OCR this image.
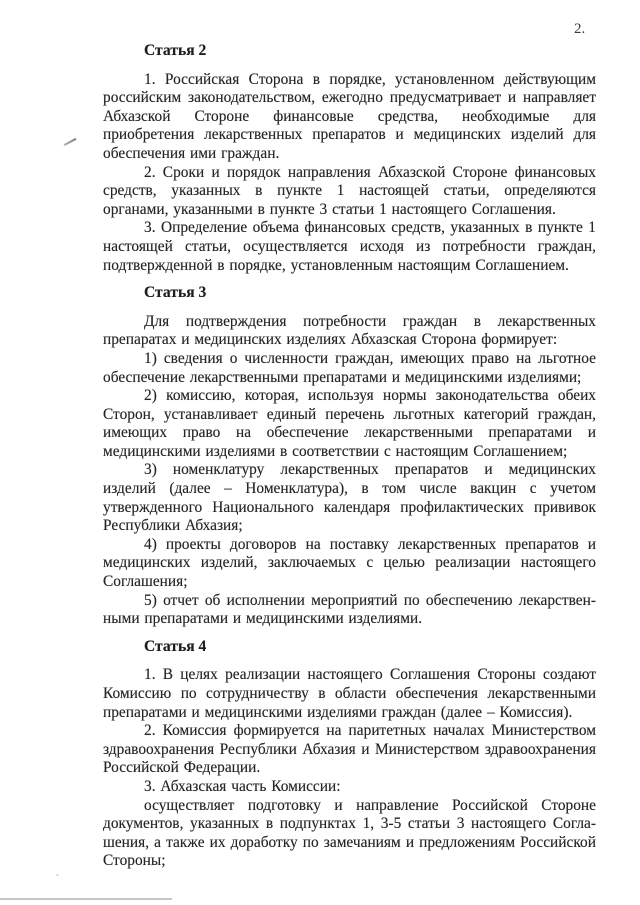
2.
Статья 2

1. Российская Сторона в порядке, установленном действующим российским законодательством, ежегодно предусматривает и направляет Абхазской Стороне финансовые средства, необходимые для приобретения лекарственных препаратов и медицинских изделий для обеспечения ими граждан.

2. Сроки и порядок направления Абхазской Стороне финансовых средств, указанных в пункте 1 настоящей статьи, определяются органами, указанными в пункте 3 статьи 1 настоящего Соглашения.

3. Определение объема финансовых средств, указанных в пункте 1 настоящей статьи, осуществляется исходя из потребности граждан, подтвержденной в порядке, установленным настоящим Соглашением.

Статья 3

Для подтверждения потребности граждан в лекарственных препаратах и медицинских изделиях Абхазская Сторона формирует:

1) сведения о численности граждан, имеющих право на льготное обеспечение лекарственными препаратами и медицинскими изделиями;

2) комиссию, которая, используя нормы законодательства обеих Сторон, устанавливает единый перечень льготных категорий граждан, имеющих право на обеспечение лекарственными препаратами и медицинскими изделиями в соответствии с настоящим Соглашением;

3) номенклатуру лекарственных препаратов и медицинских изделий (далее – Номенклатура), в том числе вакцин с учетом утвержденного Национального календаря профилактических прививок Республики Абхазия;

4) проекты договоров на поставку лекарственных препаратов и медицинских изделий, заключаемых с целью реализации настоящего Соглашения;

5) отчет об исполнении мероприятий по обеспечению лекарствен-ными препаратами и медицинскими изделиями.

Статья 4

1. В целях реализации настоящего Соглашения Стороны создают Комиссию по сотрудничеству в области обеспечения лекарственными препаратами и медицинскими изделиями граждан (далее – Комиссия).

2. Комиссия формируется на паритетных началах Министерством здравоохранения Республики Абхазия и Министерством здравоохранения Российской Федерации.

3. Абхазская часть Комиссии:

осуществляет подготовку и направление Российской Стороне документов, указанных в подпунктах 1, 3-5 статьи 3 настоящего Согла-шения, а также их доработку по замечаниям и предложениям Российской Стороны;
